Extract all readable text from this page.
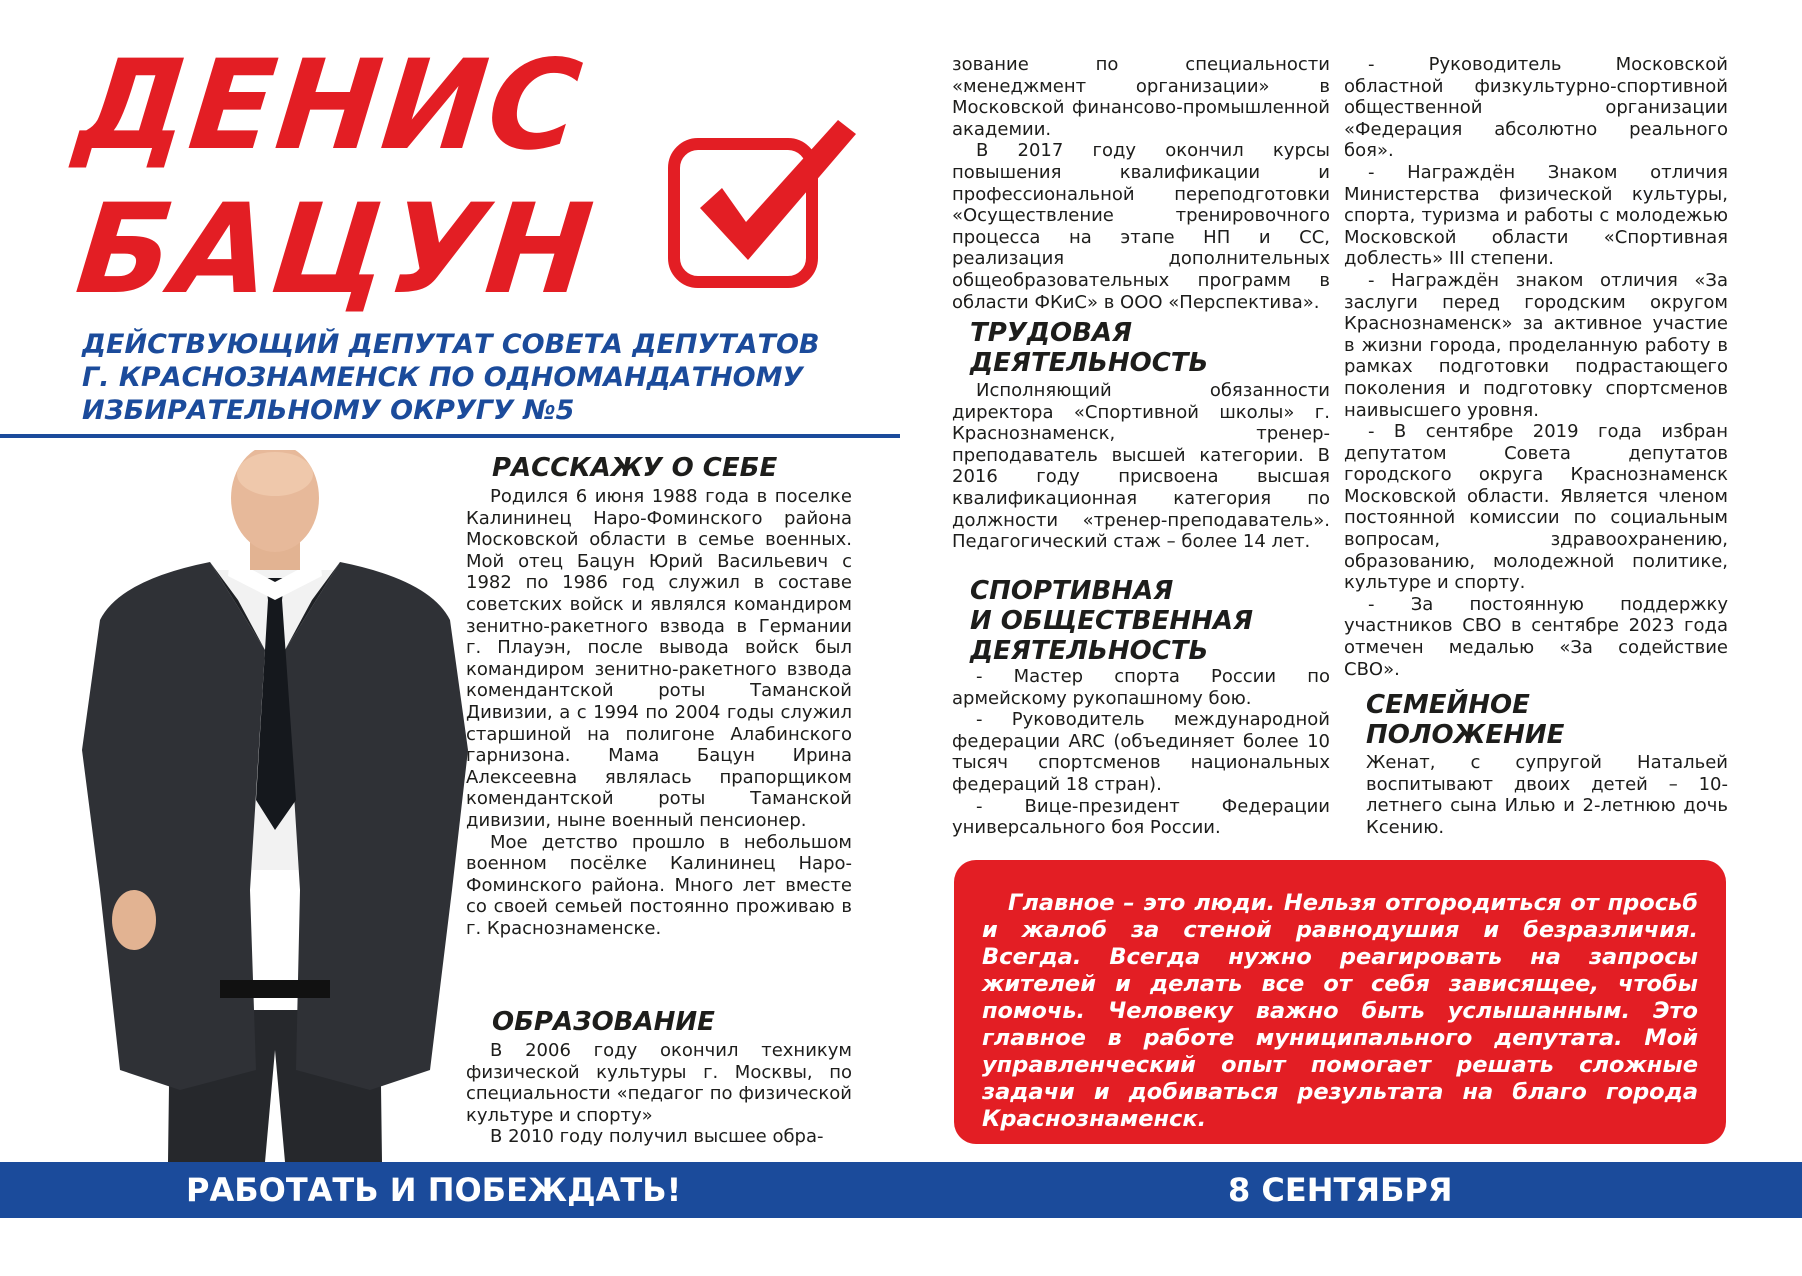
ДЕНИС
БАЦУН
ДЕЙСТВУЮЩИЙ ДЕПУТАТ СОВЕТА ДЕПУТАТОВ
Г. КРАСНОЗНАМЕНСК ПО ОДНОМАНДАТНОМУ
ИЗБИРАТЕЛЬНОМУ ОКРУГУ №5
РАССКАЖУ О СЕБЕ

Родился 6 июня 1988 года в поселке Калининец Наро-Фоминского района Московской области в семье военных. Мой отец Бацун Юрий Васильевич с 1982 по 1986 год служил в составе советских войск и являлся командиром зенитно-ракетного взвода в Германии г. Плауэн, после вывода войск был командиром зенитно-ракетного взвода комендантской роты Таманской Дивизии, а с 1994 по 2004 годы служил старшиной на полигоне Алабинского гарнизона. Мама Бацун Ирина Алексеевна являлась прапорщиком комендантской роты Таманской дивизии, ныне военный пенсионер.

Мое детство прошло в небольшом военном посёлке Калининец Наро-Фоминского района. Много лет вместе со своей семьей постоянно проживаю в г. Краснознаменске.

ОБРАЗОВАНИЕ

В 2006 году окончил техникум физической культуры г. Москвы, по специальности «педагог по физической культуре и спорту»

В 2010 году получил высшее обра-

зование по специальности «менеджмент организации» в Московской финансово-промышленной академии.

В 2017 году окончил курсы повышения квалификации и профессиональной переподготовки «Осуществление тренировочного процесса на этапе НП и СС, реализация дополнительных общеобразовательных программ в области ФКиС» в ООО «Перспектива».

ТРУДОВАЯ
ДЕЯТЕЛЬНОСТЬ

Исполняющий обязанности директора «Спортивной школы» г. Краснознаменск, тренер-преподаватель высшей категории. В 2016 году присвоена высшая квалификационная категория по должности «тренер-преподаватель». Педагогический стаж – более 14 лет.

СПОРТИВНАЯ
И ОБЩЕСТВЕННАЯ
ДЕЯТЕЛЬНОСТЬ

- Мастер спорта России по армейскому рукопашному бою.

- Руководитель международной федерации ARC (объединяет более 10 тысяч спортсменов национальных федераций 18 стран).

- Вице-президент Федерации универсального боя России.

- Руководитель Московской областной физкультурно-спортивной общественной организации «Федерация абсолютно реального боя».

- Награждён Знаком отличия Министерства физической культуры, спорта, туризма и работы с молодежью Московской области «Спортивная доблесть» III степени.

- Награждён знаком отличия «За заслуги перед городским округом Краснознаменск» за активное участие в жизни города, проделанную работу в рамках подготовки подрастающего поколения и подготовку спортсменов наивысшего уровня.

- В сентябре 2019 года избран депутатом Совета депутатов городского округа Краснознаменск Московской области. Является членом постоянной комиссии по социальным вопросам, здравоохранению, образованию, молодежной политике, культуре и спорту.

- За постоянную поддержку участников СВО в сентябре 2023 года отмечен медалью «За содействие СВО».

СЕМЕЙНОЕ
ПОЛОЖЕНИЕ

Женат, с супругой Натальей воспитывают двоих детей – 10-летнего сына Илью и 2-летнюю дочь Ксению.

Главное – это люди. Нельзя отгородиться от просьб и жалоб за стеной равнодушия и безразличия. Всегда. Всегда нужно реагировать на запросы жителей и делать все от себя зависящее, чтобы помочь. Человеку важно быть услышанным. Это главное в работе муниципального депутата. Мой управленческий опыт помогает решать сложные задачи и добиваться результата на благо города Краснознаменск.

РАБОТАТЬ И ПОБЕЖДАТЬ!	8 СЕНТЯБРЯ
